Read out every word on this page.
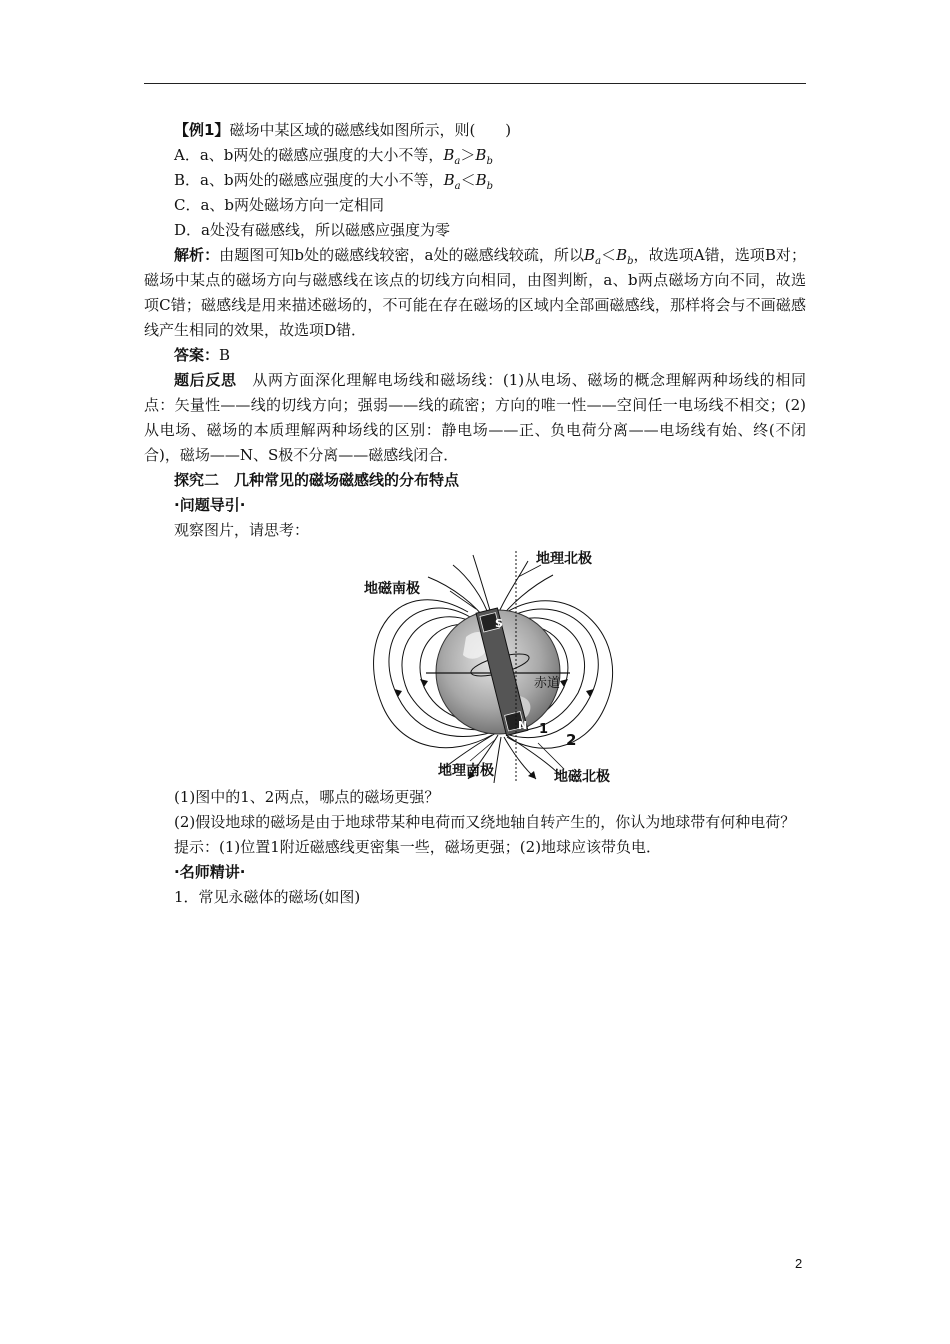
【例1】磁场中某区域的磁感线如图所示，则(　　)

A．a、b两处的磁感应强度的大小不等，$B_a>B_b$

B．a、b两处的磁感应强度的大小不等，$B_a<B_b$

C．a、b两处磁场方向一定相同

D．a处没有磁感线，所以磁感应强度为零

解析：由题图可知b处的磁感线较密，a处的磁感线较疏，所以$B_a<B_b$，故选项A错，选项B对；磁场中某点的磁场方向与磁感线在该点的切线方向相同，由图判断，a、b两点磁场方向不同，故选项C错；磁感线是用来描述磁场的，不可能在存在磁场的区域内全部画磁感线，那样将会与不画磁感线产生相同的效果，故选项D错．

答案：B

题后反思　从两方面深化理解电场线和磁场线：(1)从电场、磁场的概念理解两种场线的相同点：矢量性——线的切线方向；强弱——线的疏密；方向的唯一性——空间任一电场线不相交；(2)从电场、磁场的本质理解两种场线的区别：静电场——正、负电荷分离——电场线有始、终(不闭合)，磁场——N、S极不分离——磁感线闭合．

探究二　几种常见的磁场磁感线的分布特点

·问题导引·

观察图片，请思考：

S
N
地理北极
地磁南极
赤道
地理南极	地磁北极
1
2

(1)图中的1、2两点，哪点的磁场更强？

(2)假设地球的磁场是由于地球带某种电荷而又绕地轴自转产生的，你认为地球带有何种电荷？

提示：(1)位置1附近磁感线更密集一些，磁场更强；(2)地球应该带负电．

·名师精讲·

1．常见永磁体的磁场(如图)

2
